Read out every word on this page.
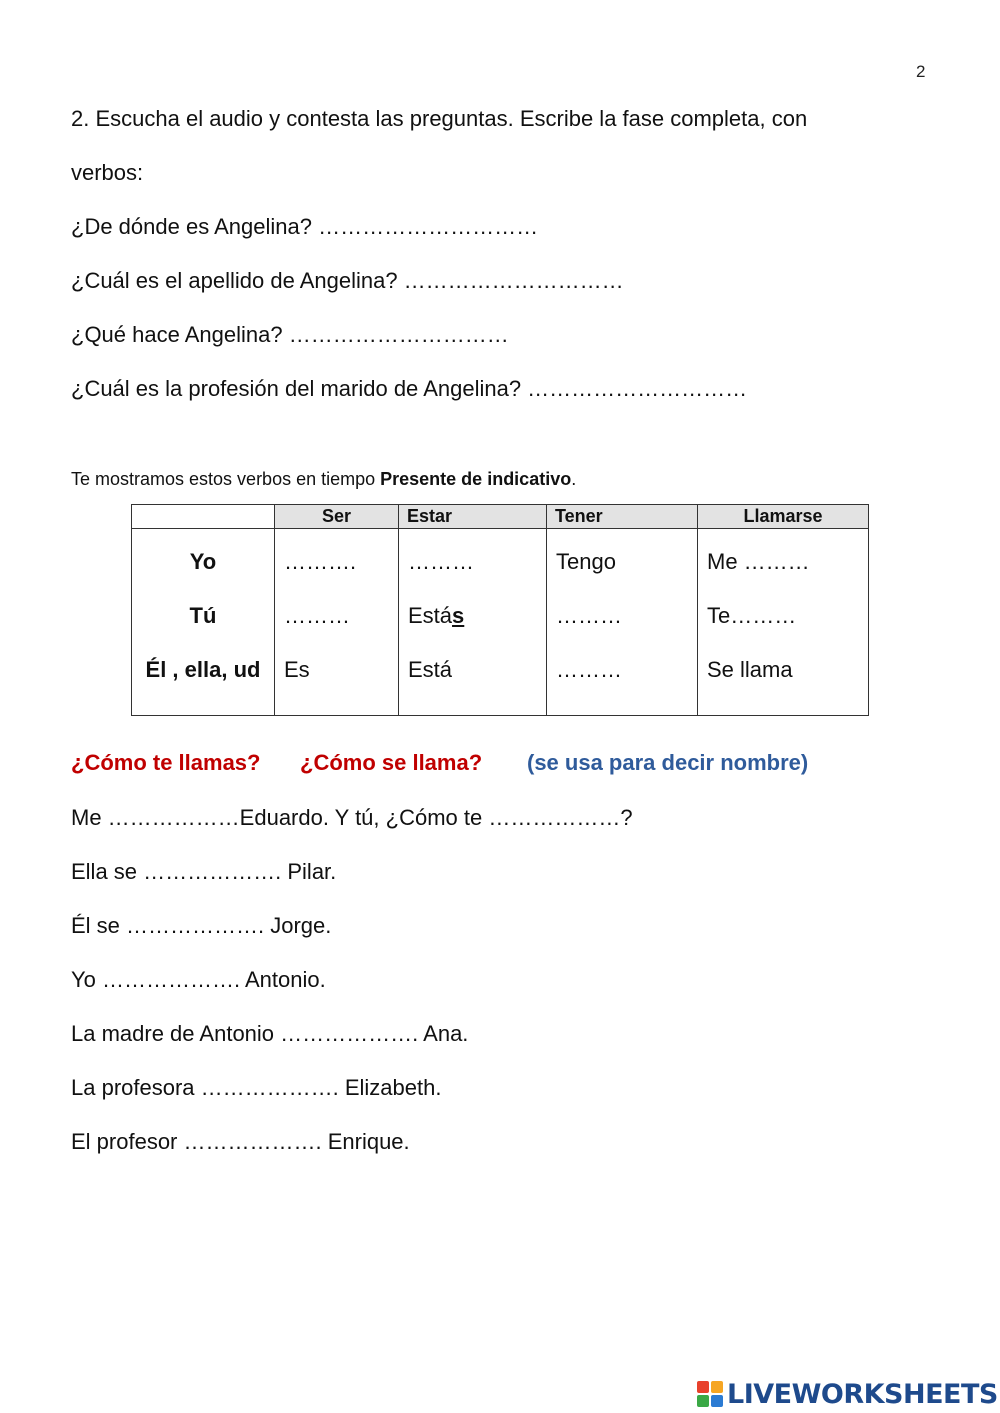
2
2. Escucha el audio y contesta las preguntas. Escribe la fase completa, con
verbos:
¿De dónde es Angelina? …………………………
¿Cuál es el apellido de Angelina? …………………………
¿Qué hace Angelina? …………………………
¿Cuál es la profesión del marido de Angelina? …………………………
Te mostramos estos verbos en tiempo Presente de indicativo.
	Ser	Estar	Tener	Llamarse
Yo	……….	………	Tengo	Me ………
Tú	………	Estás	………	Te………
Él , ella, ud	Es	Está	………	Se llama
¿Cómo te llamas? ¿Cómo se llama? (se usa para decir nombre)
Me ………………Eduardo. Y tú, ¿Cómo te ………………?
Ella se ………………. Pilar.
Él se ………………. Jorge.
Yo ………………. Antonio.
La madre de Antonio ………………. Ana.
La profesora ………………. Elizabeth.
El profesor ………………. Enrique.
LIVEWORKSHEETS
